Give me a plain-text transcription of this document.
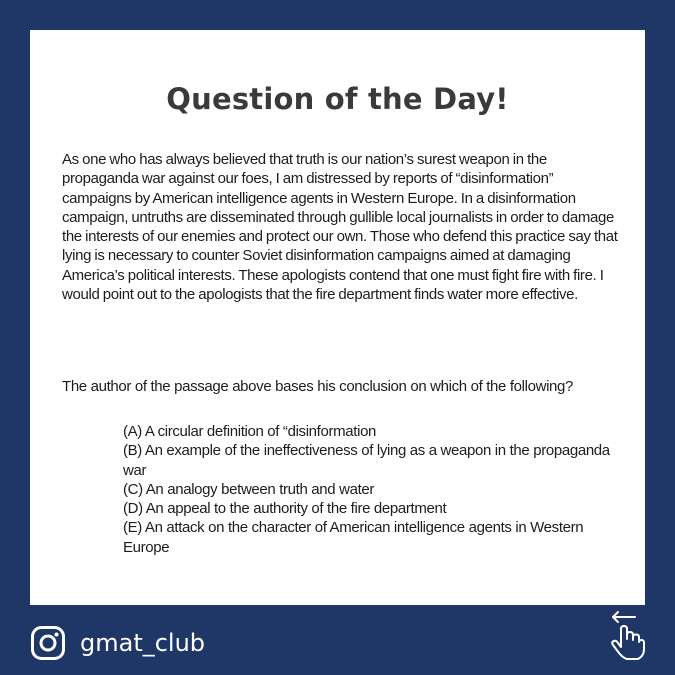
Question of the Day!

As one who has always believed that truth is our nation’s surest weapon in the propaganda war against our foes, I am distressed by reports of “disinformation” campaigns by American intelligence agents in Western Europe. In a disinformation campaign, untruths are disseminated through gullible local journalists in order to damage the interests of our enemies and protect our own. Those who defend this practice say that lying is necessary to counter Soviet disinformation campaigns aimed at damaging America’s political interests. These apologists contend that one must fight fire with fire. I would point out to the apologists that the fire department finds water more effective.

The author of the passage above bases his conclusion on which of the following?

(A) A circular definition of “disinformation
(B) An example of the ineffectiveness of lying as a weapon in the propaganda war
(C) An analogy between truth and water
(D) An appeal to the authority of the fire department
(E) An attack on the character of American intelligence agents in Western Europe
gmat_club
